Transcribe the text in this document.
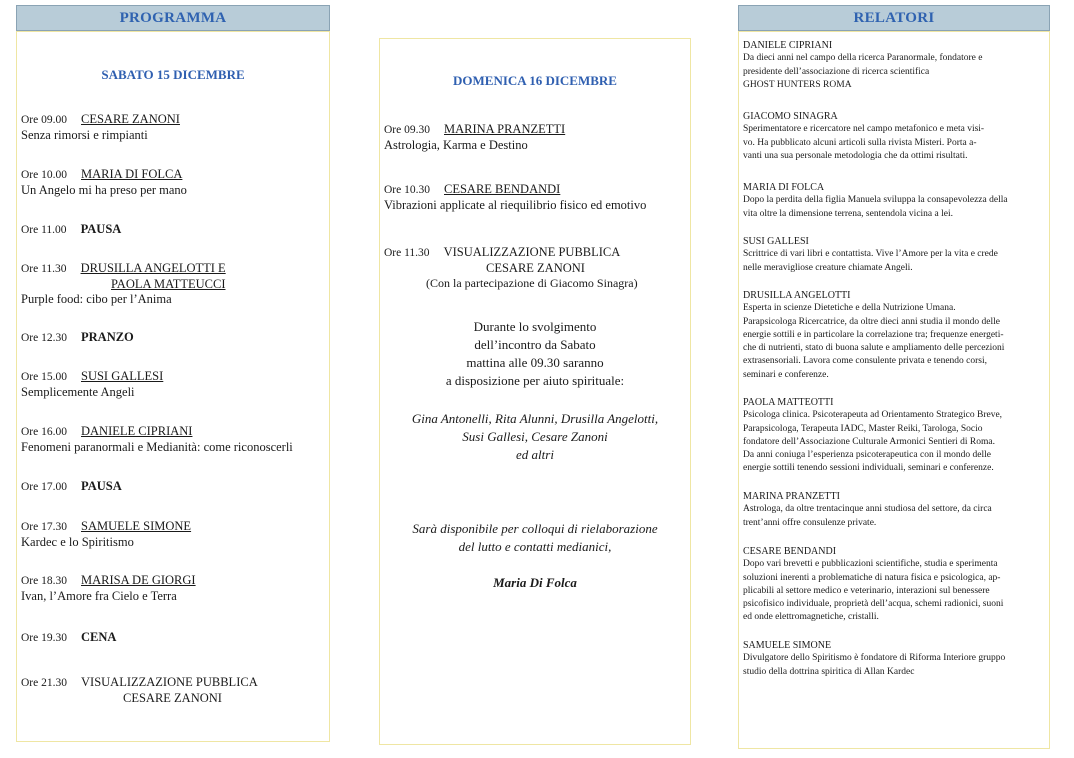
PROGRAMMA
SABATO 15 DICEMBRE
Ore 09.00 CESARE ZANONI
Senza rimorsi e rimpianti
Ore 10.00 MARIA DI FOLCA
Un Angelo mi ha preso per mano
Ore 11.00 PAUSA
Ore 11.30 DRUSILLA ANGELOTTI E
PAOLA MATTEUCCI
Purple food: cibo per l’Anima
Ore 12.30 PRANZO
Ore 15.00 SUSI GALLESI
Semplicemente Angeli
Ore 16.00 DANIELE CIPRIANI
Fenomeni paranormali e Medianità: come riconoscerli
Ore 17.00 PAUSA
Ore 17.30 SAMUELE SIMONE
Kardec e lo Spiritismo
Ore 18.30 MARISA DE GIORGI
Ivan, l’Amore fra Cielo e Terra
Ore 19.30 CENA
Ore 21.30 VISUALIZZAZIONE PUBBLICA
CESARE ZANONI
DOMENICA 16 DICEMBRE
Ore 09.30 MARINA PRANZETTI
Astrologia, Karma e Destino
Ore 10.30 CESARE BENDANDI
Vibrazioni applicate al riequilibrio fisico ed emotivo
Ore 11.30 VISUALIZZAZIONE PUBBLICA
CESARE ZANONI
(Con la partecipazione di Giacomo Sinagra)
Durante lo svolgimento
dell’incontro da Sabato
mattina alle 09.30 saranno
a disposizione per aiuto spirituale:
Gina Antonelli, Rita Alunni, Drusilla Angelotti,
Susi Gallesi, Cesare Zanoni
ed altri
Sarà disponibile per colloqui di rielaborazione
del lutto e contatti medianici,
Maria Di Folca
RELATORI
DANIELE CIPRIANI
Da dieci anni nel campo della ricerca Paranormale, fondatore e
presidente dell’associazione di ricerca scientifica
GHOST HUNTERS ROMA
GIACOMO SINAGRA
Sperimentatore e ricercatore nel campo metafonico e meta visi-
vo. Ha pubblicato alcuni articoli sulla rivista Misteri. Porta a-
vanti una sua personale metodologia che da ottimi risultati.
MARIA DI FOLCA
Dopo la perdita della figlia Manuela sviluppa la consapevolezza della
vita oltre la dimensione terrena, sentendola vicina a lei.
SUSI GALLESI
Scrittrice di vari libri e contattista. Vive l’Amore per la vita e crede
nelle meravigliose creature chiamate Angeli.
DRUSILLA ANGELOTTI
Esperta in scienze Dietetiche e della Nutrizione Umana.
Parapsicologa Ricercatrice, da oltre dieci anni studia il mondo delle
energie sottili e in particolare la correlazione tra; frequenze energeti-
che di nutrienti, stato di buona salute e ampliamento delle percezioni
extrasensoriali. Lavora come consulente privata e tenendo corsi,
seminari e conferenze.
PAOLA MATTEOTTI
Psicologa clinica. Psicoterapeuta ad Orientamento Strategico Breve,
Parapsicologa, Terapeuta IADC, Master Reiki, Tarologa, Socio
fondatore dell’Associazione Culturale Armonici Sentieri di Roma.
Da anni coniuga l’esperienza psicoterapeutica con il mondo delle
energie sottili tenendo sessioni individuali, seminari e conferenze.
MARINA PRANZETTI
Astrologa, da oltre trentacinque anni studiosa del settore, da circa
trent’anni offre consulenze private.
CESARE BENDANDI
Dopo vari brevetti e pubblicazioni scientifiche, studia e sperimenta
soluzioni inerenti a problematiche di natura fisica e psicologica, ap-
plicabili al settore medico e veterinario, interazioni sul benessere
psicofisico individuale, proprietà dell’acqua, schemi radionici, suoni
ed onde elettromagnetiche, cristalli.
SAMUELE SIMONE
Divulgatore dello Spiritismo è fondatore di Riforma Interiore gruppo
studio della dottrina spiritica di Allan Kardec
